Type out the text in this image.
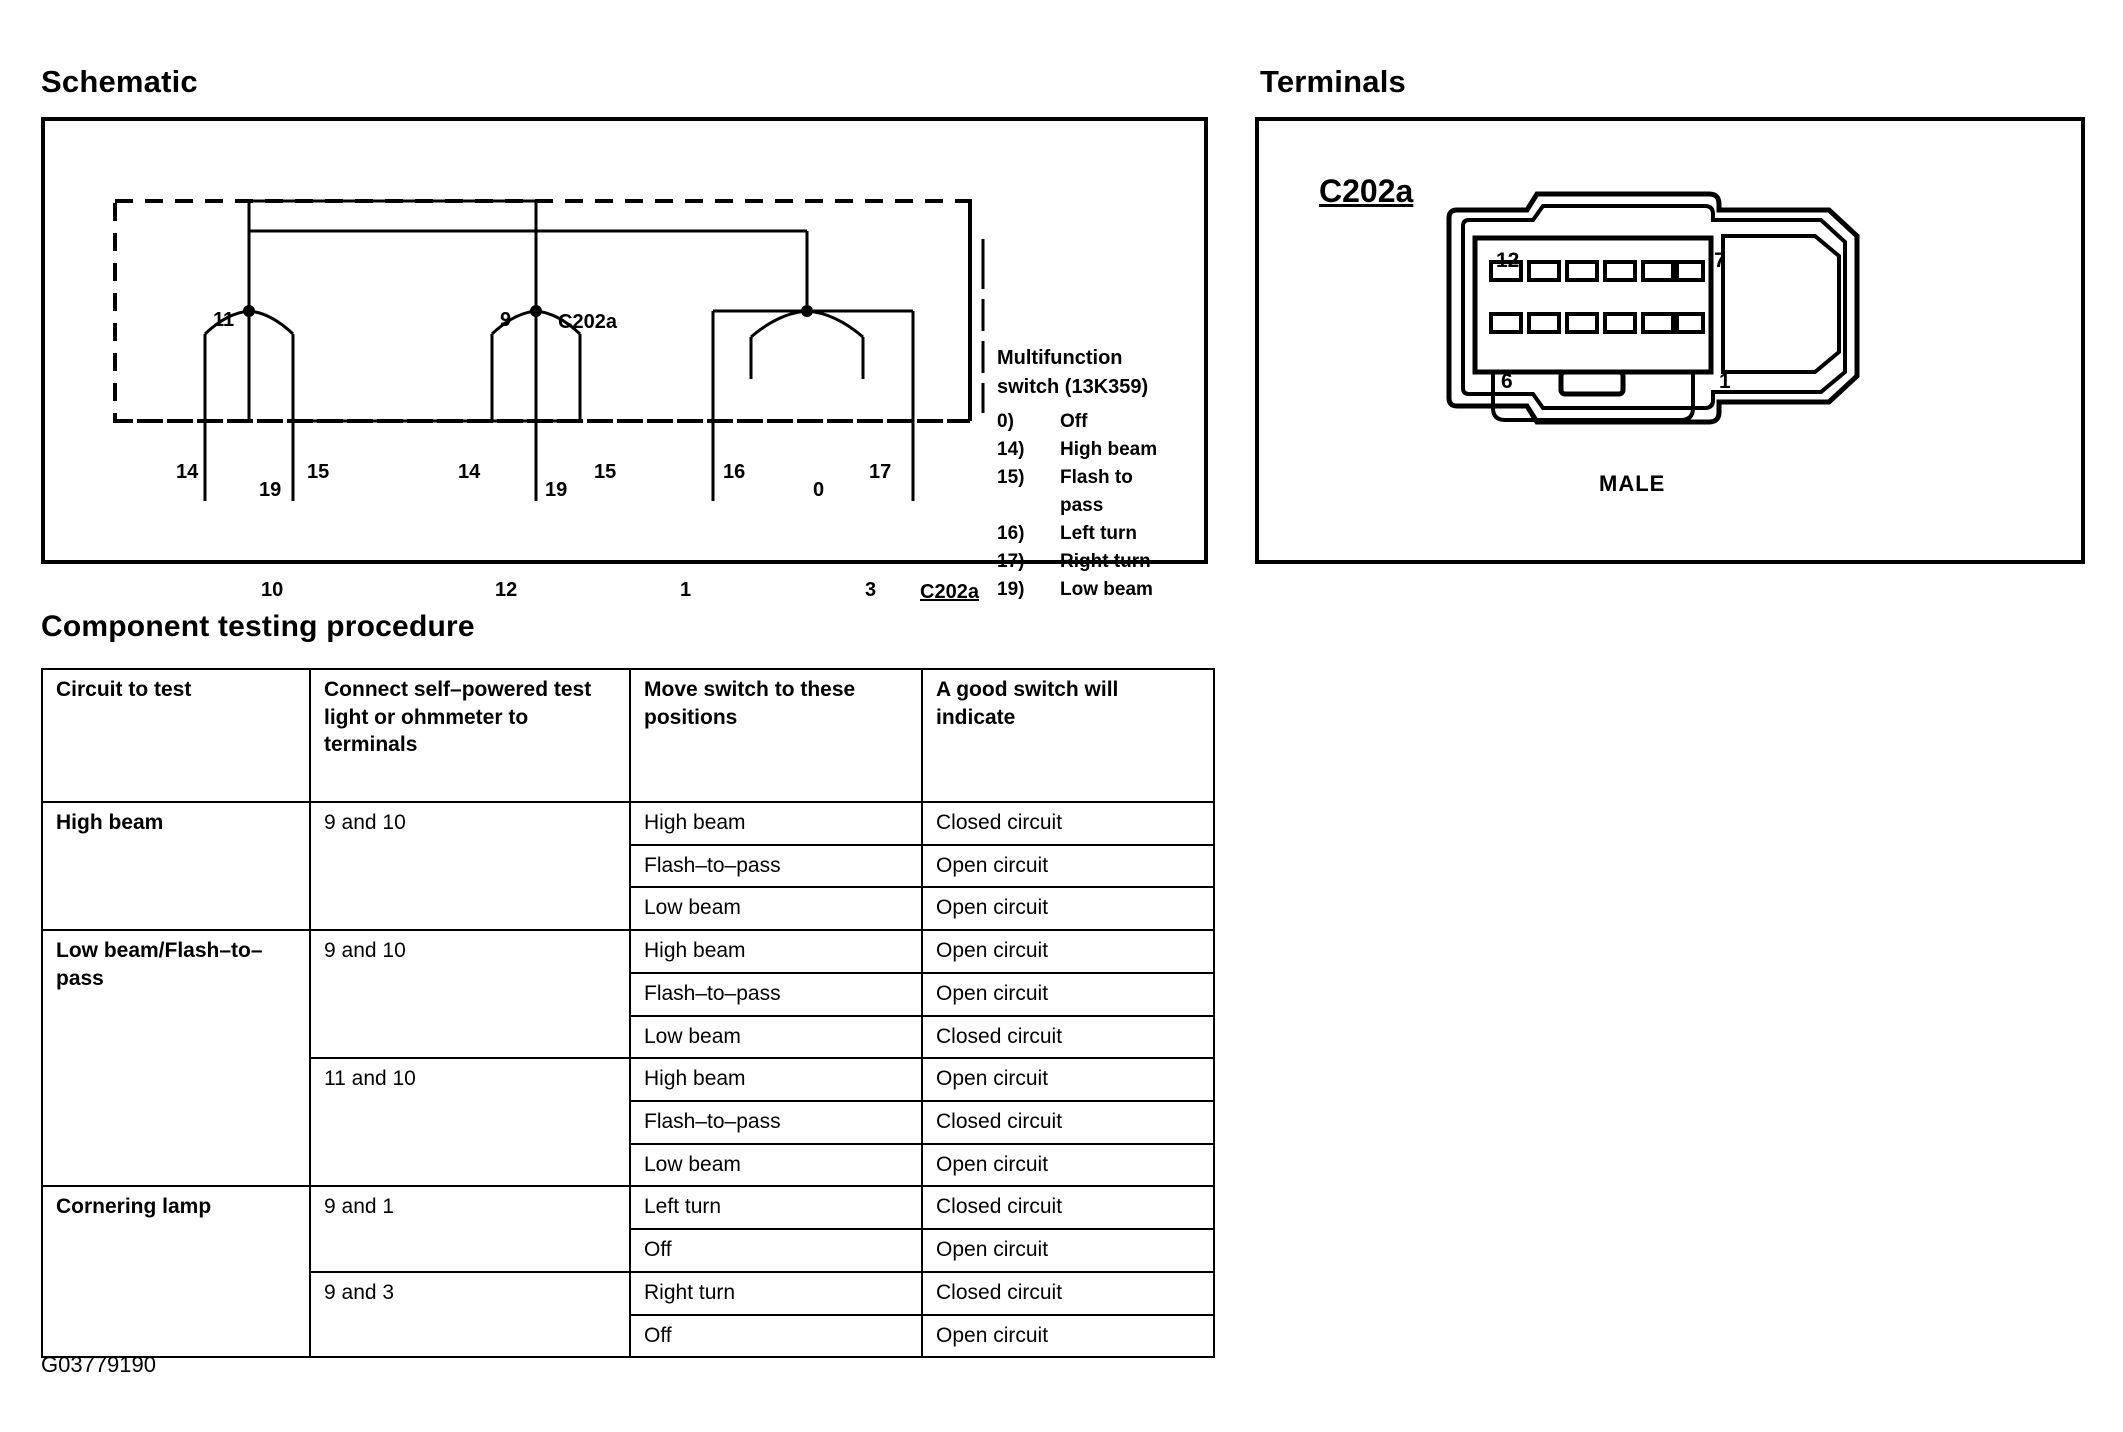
Schematic
11	9 C202a
14
19
15	14
19
15	16
0
17
10	12	1	3 C202a
Multifunction
switch (13K359)
0) Off
14) High beam
15) Flash to
pass
16) Left turn
17) Right turn
19) Low beam
Terminals
C202a
12	7
6	1
MALE
Component testing procedure
Circuit to test	Connect self–powered test light or ohmmeter to terminals	Move switch to these positions	A good switch will indicate
High beam	9 and 10	High beam	Closed circuit
		Flash–to–pass	Open circuit
		Low beam	Open circuit
Low beam/Flash–to–pass	9 and 10	High beam	Open circuit
		Flash–to–pass	Open circuit
		Low beam	Closed circuit
	11 and 10	High beam	Open circuit
		Flash–to–pass	Closed circuit
		Low beam	Open circuit
Cornering lamp	9 and 1	Left turn	Closed circuit
		Off	Open circuit
	9 and 3	Right turn	Closed circuit
		Off	Open circuit
G03779190
